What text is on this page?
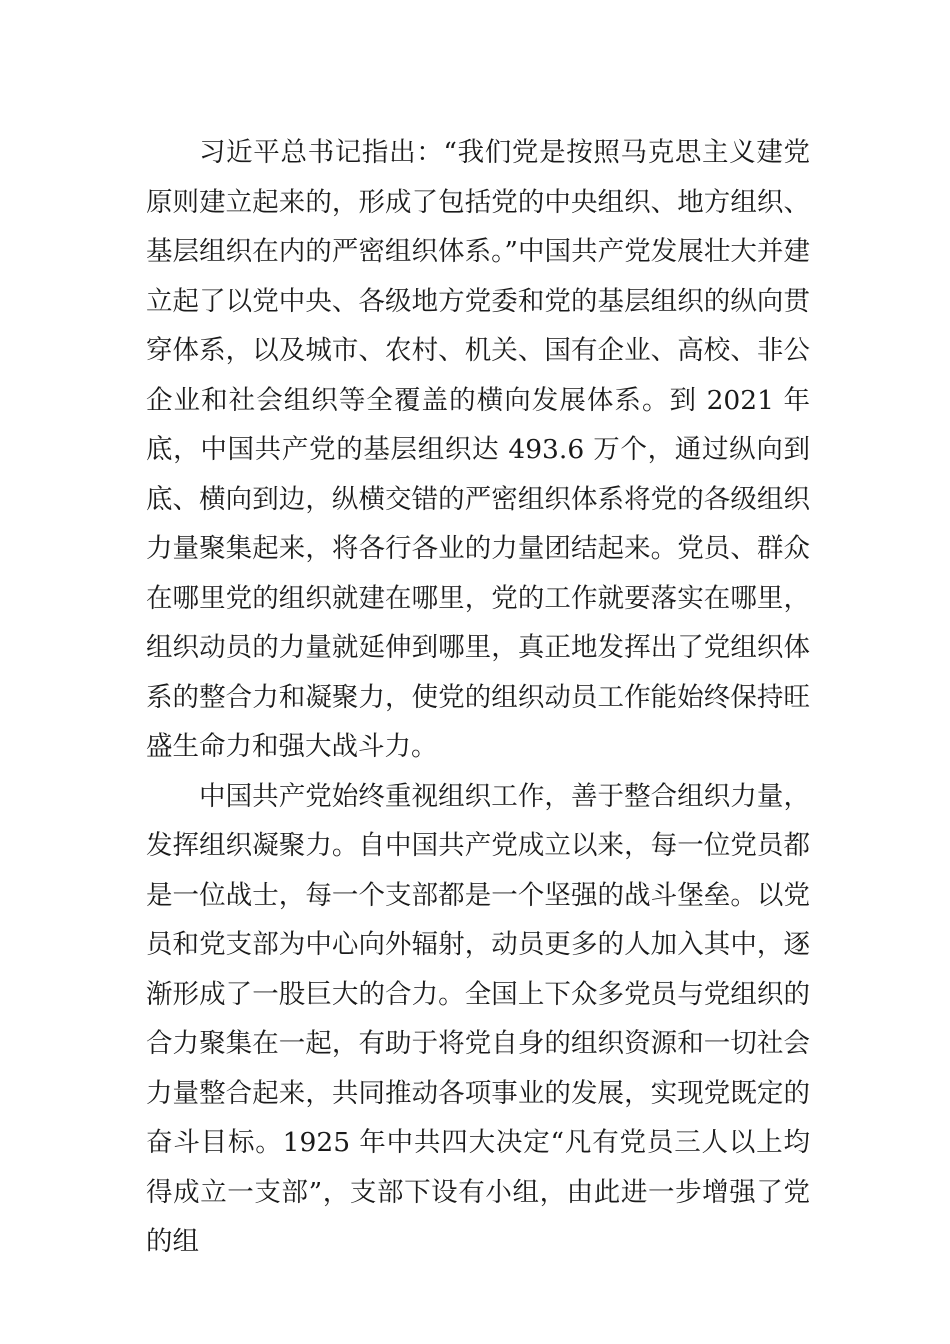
习近平总书记指出：“我们党是按照马克思主义建党原则建立起来的，形成了包括党的中央组织、地方组织、基层组织在内的严密组织体系。”中国共产党发展壮大并建立起了以党中央、各级地方党委和党的基层组织的纵向贯穿体系，以及城市、农村、机关、国有企业、高校、非公企业和社会组织等全覆盖的横向发展体系。到 2021 年底，中国共产党的基层组织达 493.6 万个，通过纵向到底、横向到边，纵横交错的严密组织体系将党的各级组织力量聚集起来，将各行各业的力量团结起来。党员、群众在哪里党的组织就建在哪里，党的工作就要落实在哪里，组织动员的力量就延伸到哪里，真正地发挥出了党组织体系的整合力和凝聚力，使党的组织动员工作能始终保持旺盛生命力和强大战斗力。

中国共产党始终重视组织工作，善于整合组织力量，发挥组织凝聚力。自中国共产党成立以来，每一位党员都是一位战士，每一个支部都是一个坚强的战斗堡垒。以党员和党支部为中心向外辐射，动员更多的人加入其中，逐渐形成了一股巨大的合力。全国上下众多党员与党组织的合力聚集在一起，有助于将党自身的组织资源和一切社会力量整合起来，共同推动各项事业的发展，实现党既定的奋斗目标。1925 年中共四大决定“凡有党员三人以上均得成立一支部”，支部下设有小组，由此进一步增强了党的组
